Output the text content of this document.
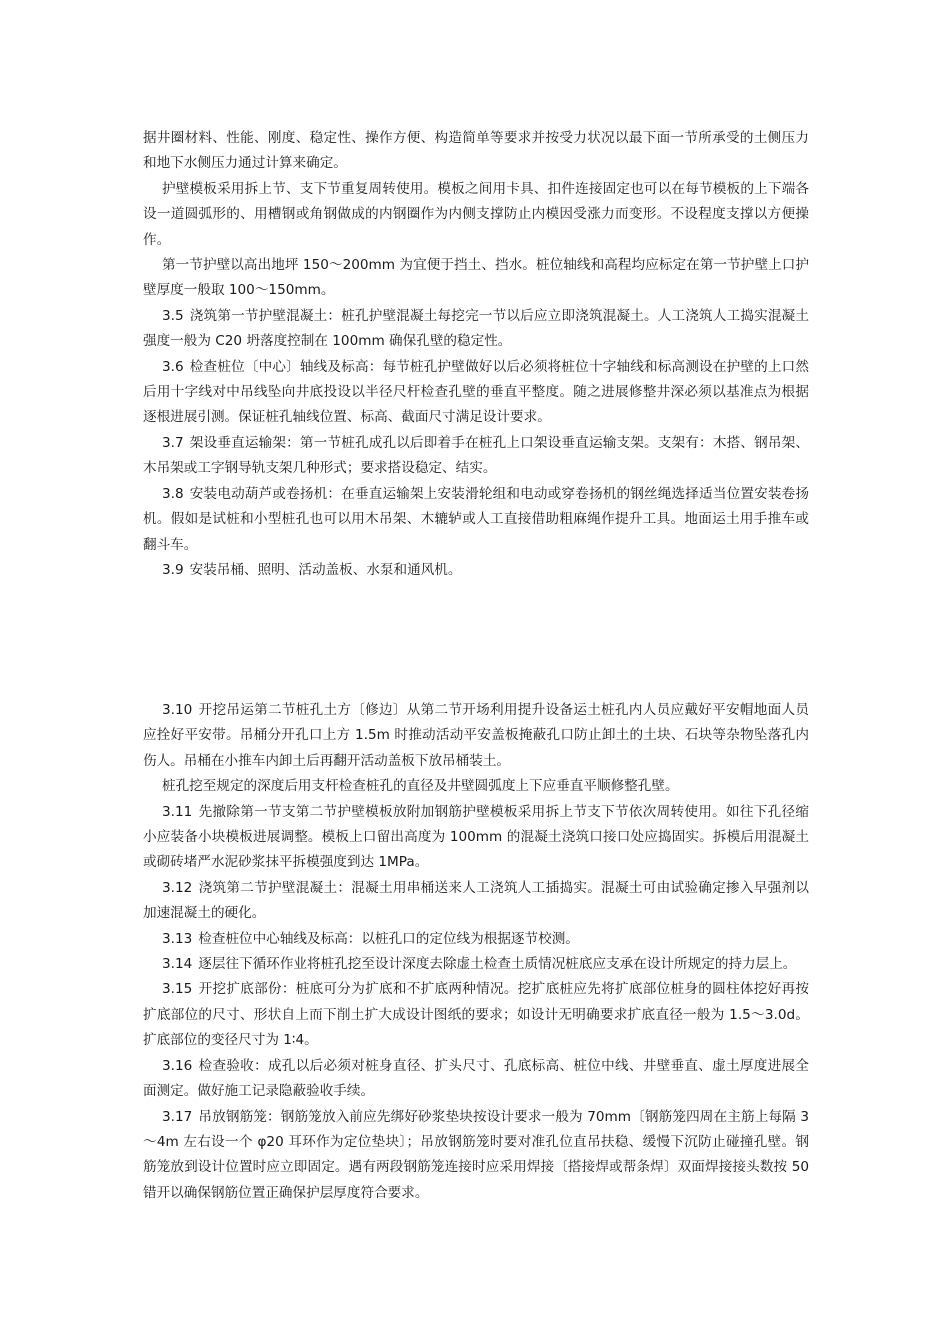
据井圈材料、性能、刚度、稳定性、操作方便、构造简单等要求并按受力状况以最下面一节所承受的土侧压力和地下水侧压力通过计算来确定。

护壁模板采用拆上节、支下节重复周转使用。模板之间用卡具、扣件连接固定也可以在每节模板的上下端各设一道圆弧形的、用槽钢或角钢做成的内钢圈作为内侧支撑防止内模因受涨力而变形。不设程度支撑以方便操作。

第一节护壁以高出地坪 150～200mm 为宜便于挡土、挡水。桩位轴线和高程均应标定在第一节护壁上口护壁厚度一般取 100～150mm。

3.5 浇筑第一节护壁混凝土：桩孔护壁混凝土每挖完一节以后应立即浇筑混凝土。人工浇筑人工捣实混凝土强度一般为 C20 坍落度控制在 100mm 确保孔壁的稳定性。

3.6 检查桩位〔中心〕轴线及标高：每节桩孔护壁做好以后必须将桩位十字轴线和标高测设在护壁的上口然后用十字线对中吊线坠向井底投设以半径尺杆检查孔壁的垂直平整度。随之进展修整井深必须以基准点为根据逐根进展引测。保证桩孔轴线位置、标高、截面尺寸满足设计要求。

3.7 架设垂直运输架：第一节桩孔成孔以后即着手在桩孔上口架设垂直运输支架。支架有：木搭、钢吊架、木吊架或工字钢导轨支架几种形式；要求搭设稳定、结实。

3.8 安装电动葫芦或卷扬机：在垂直运输架上安装滑轮组和电动或穿卷扬机的钢丝绳选择适当位置安装卷扬机。假如是试桩和小型桩孔也可以用木吊架、木辘轳或人工直接借助粗麻绳作提升工具。地面运土用手推车或翻斗车。

3.9 安装吊桶、照明、活动盖板、水泵和通风机。

3.10 开挖吊运第二节桩孔土方〔修边〕从第二节开场利用提升设备运土桩孔内人员应戴好平安帽地面人员应拴好平安带。吊桶分开孔口上方 1.5m 时推动活动平安盖板掩蔽孔口防止卸土的土块、石块等杂物坠落孔内伤人。吊桶在小推车内卸土后再翻开活动盖板下放吊桶装土。

桩孔挖至规定的深度后用支杆检查桩孔的直径及井壁圆弧度上下应垂直平顺修整孔壁。

3.11 先撤除第一节支第二节护壁模板放附加钢筋护壁模板采用拆上节支下节依次周转使用。如往下孔径缩小应装备小块模板进展调整。模板上口留出高度为 100mm 的混凝土浇筑口接口处应捣固实。拆模后用混凝土或砌砖堵严水泥砂浆抹平拆模强度到达 1MPa。

3.12 浇筑第二节护壁混凝土：混凝土用串桶送来人工浇筑人工插捣实。混凝土可由试验确定掺入早强剂以加速混凝土的硬化。

3.13 检查桩位中心轴线及标高：以桩孔口的定位线为根据逐节校测。

3.14 逐层往下循环作业将桩孔挖至设计深度去除虚土检查土质情况桩底应支承在设计所规定的持力层上。

3.15 开挖扩底部份：桩底可分为扩底和不扩底两种情况。挖扩底桩应先将扩底部位桩身的圆柱体挖好再按扩底部位的尺寸、形状自上而下削土扩大成设计图纸的要求；如设计无明确要求扩底直径一般为 1.5～3.0d。扩底部位的变径尺寸为 1∶4。

3.16 检查验收：成孔以后必须对桩身直径、扩头尺寸、孔底标高、桩位中线、井壁垂直、虚土厚度进展全面测定。做好施工记录隐蔽验收手续。

3.17 吊放钢筋笼：钢筋笼放入前应先绑好砂浆垫块按设计要求一般为 70mm〔钢筋笼四周在主筋上每隔 3～4m 左右设一个 φ20 耳环作为定位垫块〕；吊放钢筋笼时要对准孔位直吊扶稳、缓慢下沉防止碰撞孔壁。钢筋笼放到设计位置时应立即固定。遇有两段钢筋笼连接时应采用焊接〔搭接焊或帮条焊〕双面焊接接头数按 50 错开以确保钢筋位置正确保护层厚度符合要求。
